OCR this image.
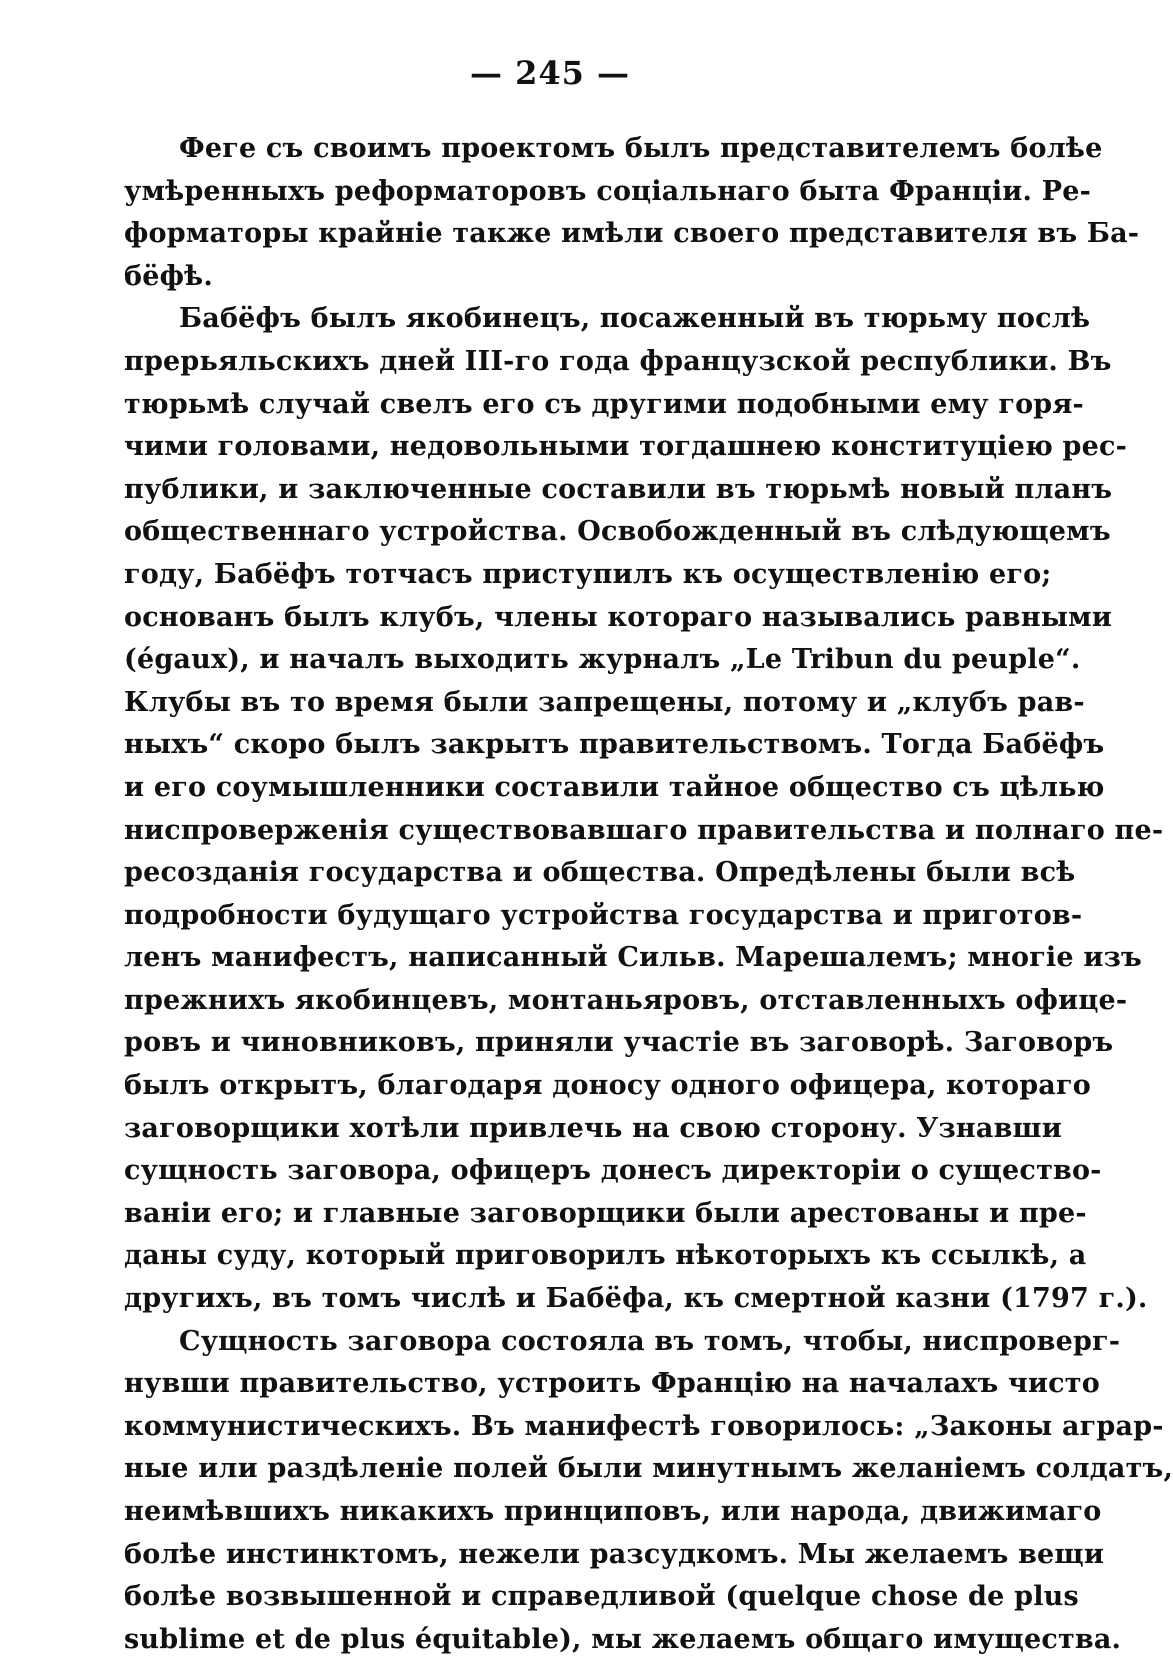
— 245 —
Феге съ своимъ проектомъ былъ представителемъ болѣе
умѣренныхъ реформаторовъ соціальнаго быта Франціи. Ре-
форматоры крайніе также имѣли своего представителя въ Ба-
бёфѣ.
Бабёфъ былъ якобинецъ, посаженный въ тюрьму послѣ
прерьяльскихъ дней III-го года французской республики. Въ
тюрьмѣ случай свелъ его съ другими подобными ему горя-
чими головами, недовольными тогдашнею конституціею рес-
публики, и заключенные составили въ тюрьмѣ новый планъ
общественнаго устройства. Освобожденный въ слѣдующемъ
году, Бабёфъ тотчасъ приступилъ къ осуществленію его;
основанъ былъ клубъ, члены котораго назывались равными
(égaux), и началъ выходить журналъ „Le Tribun du peuple“.
Клубы въ то время были запрещены, потому и „клубъ рав-
ныхъ“ скоро былъ закрытъ правительствомъ. Тогда Бабёфъ
и его соумышленники составили тайное общество съ цѣлью
ниспроверженія существовавшаго правительства и полнаго пе-
ресозданія государства и общества. Опредѣлены были всѣ
подробности будущаго устройства государства и приготов-
ленъ манифестъ, написанный Сильв. Марешалемъ; многіе изъ
прежнихъ якобинцевъ, монтаньяровъ, отставленныхъ офице-
ровъ и чиновниковъ, приняли участіе въ заговорѣ. Заговоръ
былъ открытъ, благодаря доносу одного офицера, котораго
заговорщики хотѣли привлечь на свою сторону. Узнавши
сущность заговора, офицеръ донесъ директоріи о существо-
ваніи его; и главные заговорщики были арестованы и пре-
даны суду, который приговорилъ нѣкоторыхъ къ ссылкѣ, а
другихъ, въ томъ числѣ и Бабёфа, къ смертной казни (1797 г.).
Сущность заговора состояла въ томъ, чтобы, ниспроверг-
нувши правительство, устроить Францію на началахъ чисто
коммунистическихъ. Въ манифестѣ говорилось: „Законы аграр-
ные или раздѣленіе полей были минутнымъ желаніемъ солдатъ,
неимѣвшихъ никакихъ принциповъ, или народа, движимаго
болѣе инстинктомъ, нежели разсудкомъ. Мы желаемъ вещи
болѣе возвышенной и справедливой (quelque chose de plus
sublime et de plus équitable), мы желаемъ общаго имущества.
